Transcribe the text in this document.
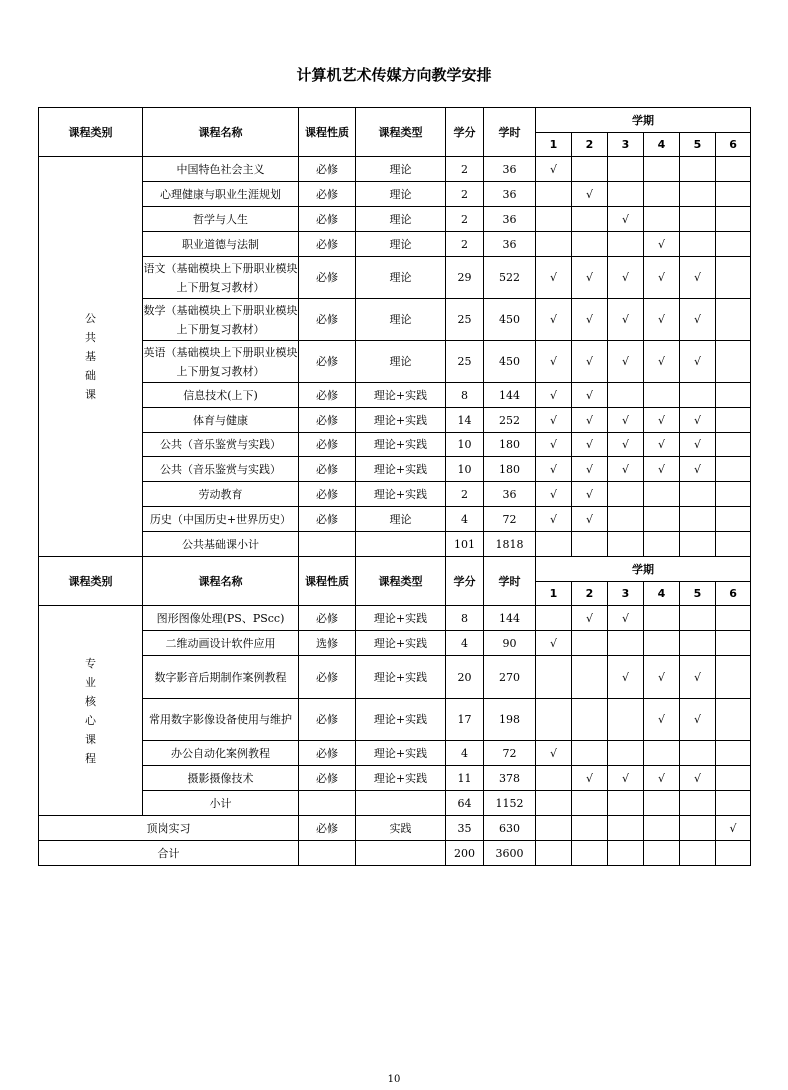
计算机艺术传媒方向教学安排
课程类别	课程名称	课程性质	课程类型	学分	学时	学期					
						1	2	3	4	5	6
公共基础课	中国特色社会主义	必修	理论	2	36	√					
	心理健康与职业生涯规划	必修	理论	2	36		√				
	哲学与人生	必修	理论	2	36			√			
	职业道德与法制	必修	理论	2	36				√		
	语文（基础模块上下册职业模块上下册复习教材）	必修	理论	29	522	√	√	√	√	√	
	数学（基础模块上下册职业模块上下册复习教材）	必修	理论	25	450	√	√	√	√	√	
	英语（基础模块上下册职业模块上下册复习教材）	必修	理论	25	450	√	√	√	√	√	
	信息技术(上下)	必修	理论+实践	8	144	√	√				
	体育与健康	必修	理论+实践	14	252	√	√	√	√	√	
	公共（音乐鉴赏与实践）	必修	理论+实践	10	180	√	√	√	√	√	
	公共（音乐鉴赏与实践）	必修	理论+实践	10	180	√	√	√	√	√	
	劳动教育	必修	理论+实践	2	36	√	√				
	历史（中国历史+世界历史）	必修	理论	4	72	√	√				
	公共基础课小计			101	1818						
课程类别	课程名称	课程性质	课程类型	学分	学时	学期					
						1	2	3	4	5	6
专业核心课程	图形图像处理(PS、PScc)	必修	理论+实践	8	144		√	√			
	二维动画设计软件应用	选修	理论+实践	4	90	√					
	数字影音后期制作案例教程	必修	理论+实践	20	270			√	√	√	
	常用数字影像设备使用与维护	必修	理论+实践	17	198				√	√	
	办公自动化案例教程	必修	理论+实践	4	72	√					
	摄影摄像技术	必修	理论+实践	11	378		√	√	√	√	
	小计			64	1152						
顶岗实习		必修	实践	35	630						√
合计				200	3600						
10
